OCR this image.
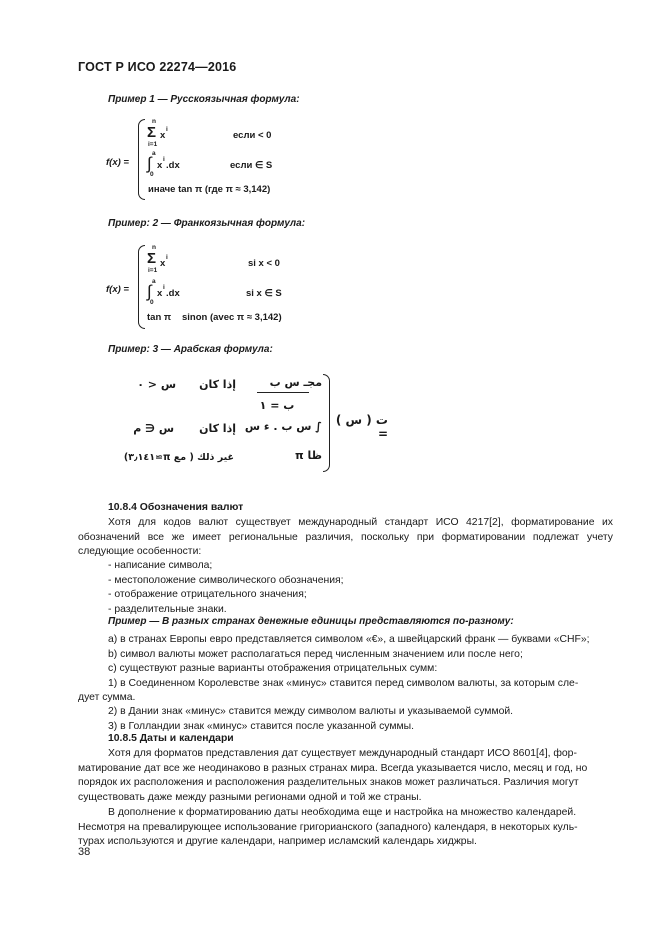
ГОСТ Р ИСО 22274—2016
Пример 1 — Русскоязычная формула:
f(x) =
n
Σ
i=1
x
i
если < 0
a
∫
0
x
i
.dx	если ∈ S
иначе tan π (где π ≈ 3,142)
Пример: 2 — Франкоязычная формула:
f(x) =
n
Σ
i=1
x
i
si x < 0
a
∫
0
x
i
.dx	si x ∈ S
tan π sinon (avec π ≈ 3,142)
Пример: 3 — Арабская формула:
مجـ س ب
ب = ١
إذا كان
س < ٠
∫ س ب . ء س
إذا كان
س ∈ م
ظا π
غير ذلك ( مع π≃٣٫١٤١)
ت ( س ) =
10.8.4 Обозначения валют
Хотя для кодов валют существует международный стандарт ИСО 4217[2], форматирование их обозначений все же имеет региональные различия, поскольку при форматировании подлежат учету следующие особенности:
- написание символа;
- местоположение символического обозначения;
- отображение отрицательного значения;
- разделительные знаки.
Пример — В разных странах денежные единицы представляются по-разному:
а) в странах Европы евро представляется символом «€», а швейцарский франк — буквами «CHF»;
b) символ валюты может располагаться перед численным значением или после него;
с) существуют разные варианты отображения отрицательных сумм:
1) в Соединенном Королевстве знак «минус» ставится перед символом валюты, за которым сле-
дует сумма.
2) в Дании знак «минус» ставится между символом валюты и указываемой суммой.
3) в Голландии знак «минус» ставится после указанной суммы.
10.8.5 Даты и календари
Хотя для форматов представления дат существует международный стандарт ИСО 8601[4], фор-
матирование дат все же неодинаково в разных странах мира. Всегда указывается число, месяц и год, но
порядок их расположения и расположения разделительных знаков может различаться. Различия могут
существовать даже между разными регионами одной и той же страны.
В дополнение к форматированию даты необходима еще и настройка на множество календарей.
Несмотря на превалирующее использование григорианского (западного) календаря, в некоторых куль-
турах используются и другие календари, например исламский календарь хиджры.
38
